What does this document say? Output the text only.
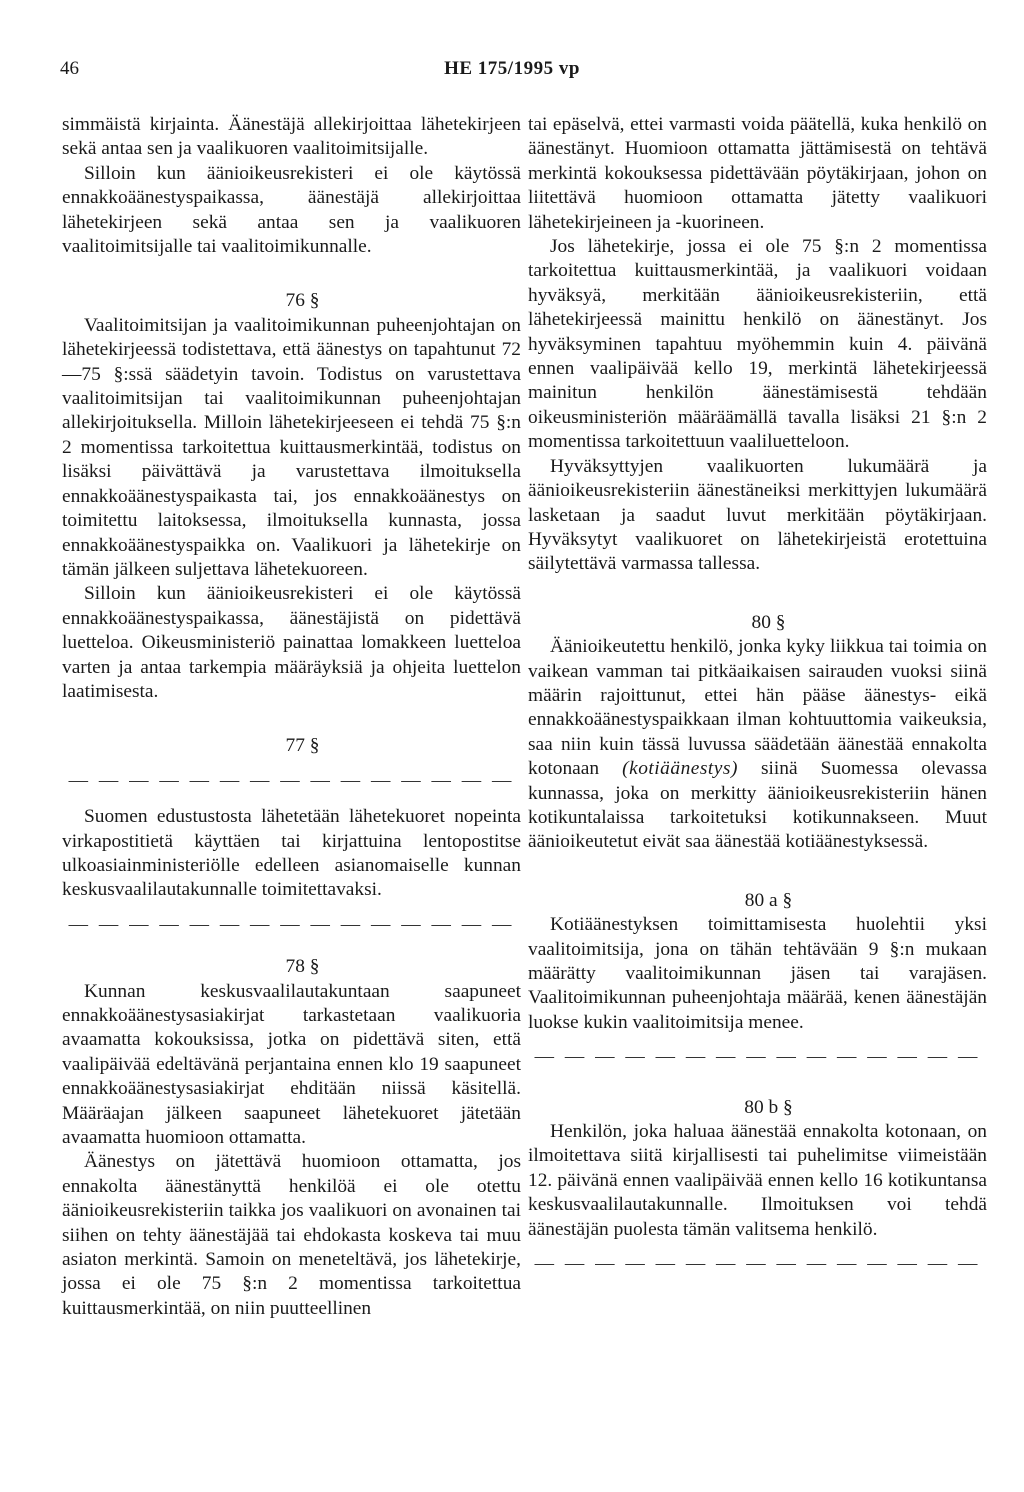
46	HE 175/1995 vp

simmäistä kirjainta. Äänestäjä allekirjoittaa lähetekirjeen sekä antaa sen ja vaalikuoren vaalitoimitsijalle.

Silloin kun äänioikeusrekisteri ei ole käytössä ennakkoäänestyspaikassa, äänestäjä allekirjoittaa lähetekirjeen sekä antaa sen ja vaalikuoren vaalitoimitsijalle tai vaalitoimikunnalle.

76 §

Vaalitoimitsijan ja vaalitoimikunnan puheenjohtajan on lähetekirjeessä todistettava, että äänestys on tapahtunut 72—75 §:ssä säädetyin tavoin. Todistus on varustettava vaalitoimitsijan tai vaalitoimikunnan puheenjohtajan allekirjoituksella. Milloin lähetekirjeeseen ei tehdä 75 §:n 2 momentissa tarkoitettua kuittausmerkintää, todistus on lisäksi päivättävä ja varustettava ilmoituksella ennakkoäänestyspaikasta tai, jos ennakkoäänestys on toimitettu laitoksessa, ilmoituksella kunnasta, jossa ennakkoäänestyspaikka on. Vaalikuori ja lähetekirje on tämän jälkeen suljettava lähetekuoreen.

Silloin kun äänioikeusrekisteri ei ole käytössä ennakkoäänestyspaikassa, äänestäjistä on pidettävä luetteloa. Oikeusministeriö painattaa lomakkeen luetteloa varten ja antaa tarkempia määräyksiä ja ohjeita luettelon laatimisesta.

77 §

— — — — — — — — — — — — — — —

Suomen edustustosta lähetetään lähetekuoret nopeinta virkapostitietä käyttäen tai kirjattuina lentopostitse ulkoasiainministeriölle edelleen asianomaiselle kunnan keskusvaalilautakunnalle toimitettavaksi.

— — — — — — — — — — — — — — —

78 §

Kunnan keskusvaalilautakuntaan saapuneet ennakkoäänestysasiakirjat tarkastetaan vaalikuoria avaamatta kokouksissa, jotka on pidettävä siten, että vaalipäivää edeltävänä perjantaina ennen klo 19 saapuneet ennakkoäänestysasiakirjat ehditään niissä käsitellä. Määräajan jälkeen saapuneet lähetekuoret jätetään avaamatta huomioon ottamatta.

Äänestys on jätettävä huomioon ottamatta, jos ennakolta äänestänyttä henkilöä ei ole otettu äänioikeusrekisteriin taikka jos vaalikuori on avonainen tai siihen on tehty äänestäjää tai ehdokasta koskeva tai muu asiaton merkintä. Samoin on meneteltävä, jos lähetekirje, jossa ei ole 75 §:n 2 momentissa tarkoitettua kuittausmerkintää, on niin puutteellinen

tai epäselvä, ettei varmasti voida päätellä, kuka henkilö on äänestänyt. Huomioon ottamatta jättämisestä on tehtävä merkintä kokouksessa pidettävään pöytäkirjaan, johon on liitettävä huomioon ottamatta jätetty vaalikuori lähetekirjeineen ja -kuorineen.

Jos lähetekirje, jossa ei ole 75 §:n 2 momentissa tarkoitettua kuittausmerkintää, ja vaalikuori voidaan hyväksyä, merkitään äänioikeusrekisteriin, että lähetekirjeessä mainittu henkilö on äänestänyt. Jos hyväksyminen tapahtuu myöhemmin kuin 4. päivänä ennen vaalipäivää kello 19, merkintä lähetekirjeessä mainitun henkilön äänestämisestä tehdään oikeusministeriön määräämällä tavalla lisäksi 21 §:n 2 momentissa tarkoitettuun vaaliluetteloon.

Hyväksyttyjen vaalikuorten lukumäärä ja äänioikeusrekisteriin äänestäneiksi merkittyjen lukumäärä lasketaan ja saadut luvut merkitään pöytäkirjaan. Hyväksytyt vaalikuoret on lähetekirjeistä erotettuina säilytettävä varmassa tallessa.

80 §

Äänioikeutettu henkilö, jonka kyky liikkua tai toimia on vaikean vamman tai pitkäaikaisen sairauden vuoksi siinä määrin rajoittunut, ettei hän pääse äänestys- eikä ennakkoäänestyspaikkaan ilman kohtuuttomia vaikeuksia, saa niin kuin tässä luvussa säädetään äänestää ennakolta kotonaan (kotiäänestys) siinä Suomessa olevassa kunnassa, joka on merkitty äänioikeusrekisteriin hänen kotikuntalaissa tarkoitetuksi kotikunnakseen. Muut äänioikeutetut eivät saa äänestää kotiäänestyksessä.

80 a §

Kotiäänestyksen toimittamisesta huolehtii yksi vaalitoimitsija, jona on tähän tehtävään 9 §:n mukaan määrätty vaalitoimikunnan jäsen tai varajäsen. Vaalitoimikunnan puheenjohtaja määrää, kenen äänestäjän luokse kukin vaalitoimitsija menee.

— — — — — — — — — — — — — — —

80 b §

Henkilön, joka haluaa äänestää ennakolta kotonaan, on ilmoitettava siitä kirjallisesti tai puhelimitse viimeistään 12. päivänä ennen vaalipäivää ennen kello 16 kotikuntansa keskusvaalilautakunnalle. Ilmoituksen voi tehdä äänestäjän puolesta tämän valitsema henkilö.

— — — — — — — — — — — — — — —
